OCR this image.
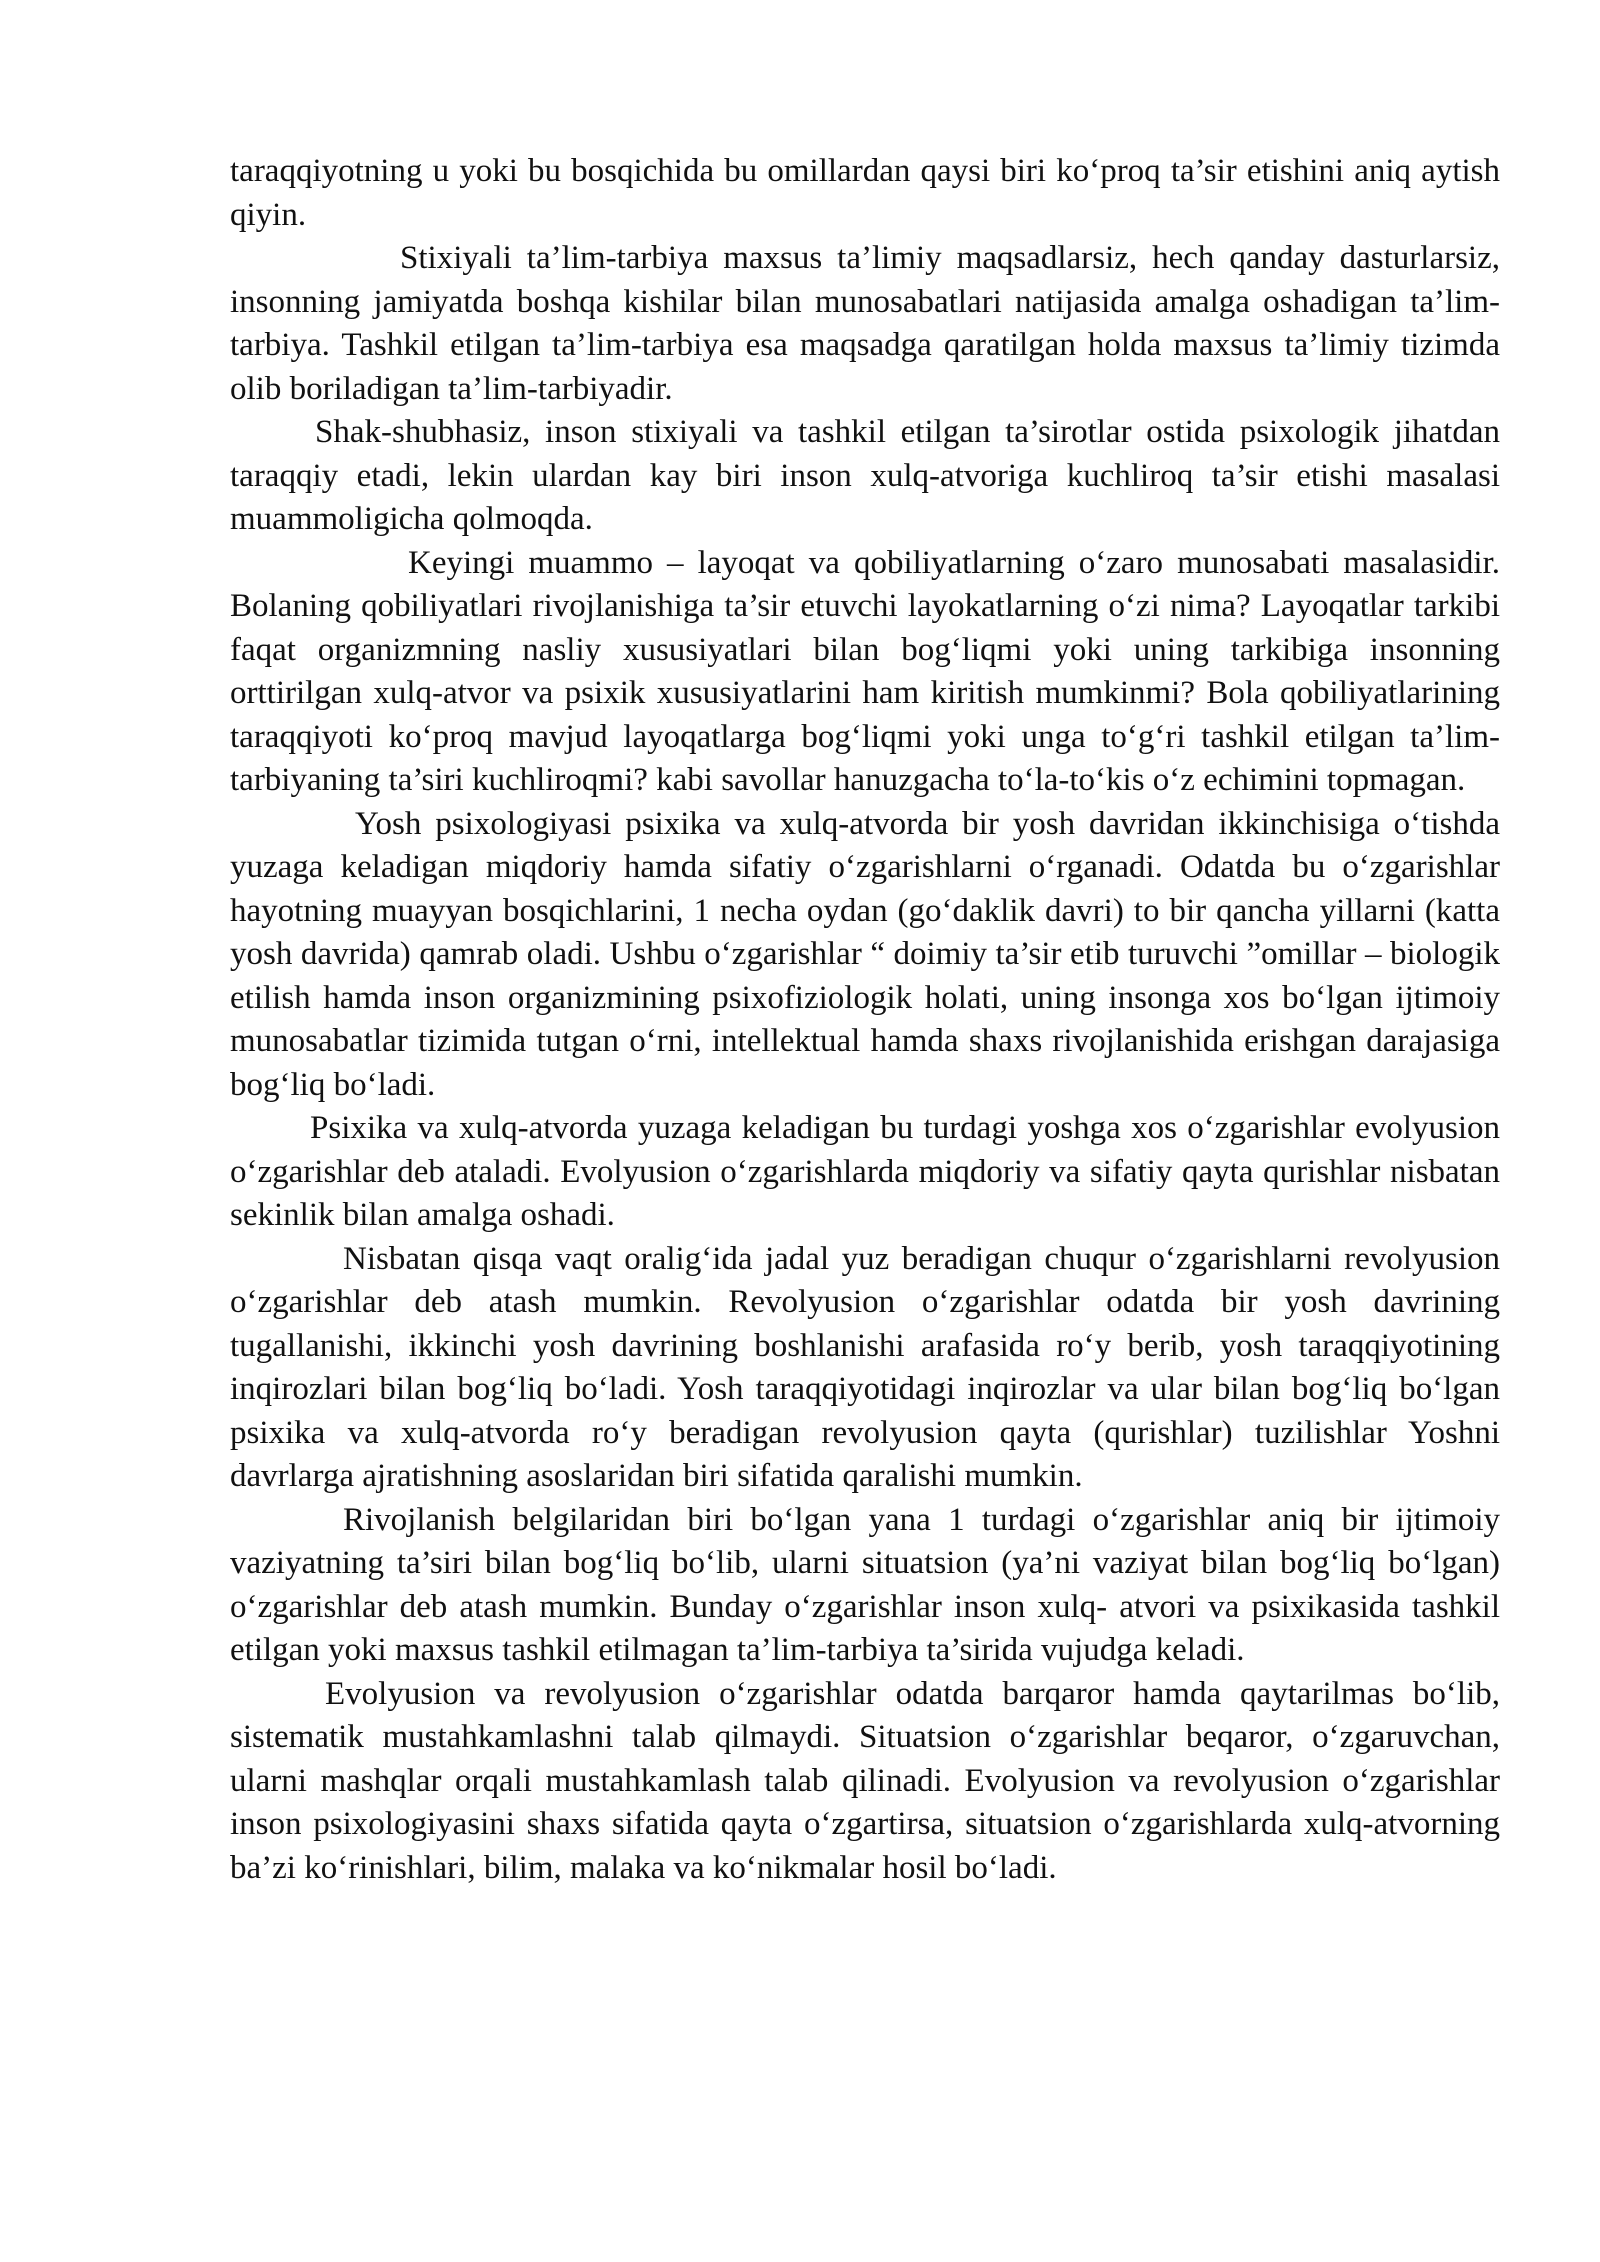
taraqqiyotning u yoki bu bosqichida bu omillardan qaysi biri ko‘proq ta’sir etishini aniq aytish qiyin.

Stixiyali ta’lim-tarbiya maxsus ta’limiy maqsadlarsiz, hech qanday dasturlarsiz, insonning jamiyatda boshqa kishilar bilan munosabatlari natijasida amalga oshadigan ta’lim-tarbiya. Tashkil etilgan ta’lim-tarbiya esa maqsadga qaratilgan holda maxsus ta’limiy tizimda olib boriladigan ta’lim-tarbiyadir.

Shak-shubhasiz, inson stixiyali va tashkil etilgan ta’sirotlar ostida psixologik jihatdan taraqqiy etadi, lekin ulardan kay biri inson xulq-atvoriga kuchliroq ta’sir etishi masalasi muammoligicha qolmoqda.

Keyingi muammo – layoqat va qobiliyatlarning o‘zaro munosabati masalasidir. Bolaning qobiliyatlari rivojlanishiga ta’sir etuvchi layokatlarning o‘zi nima? Layoqatlar tarkibi faqat organizmning nasliy xususiyatlari bilan bog‘liqmi yoki uning tarkibiga insonning orttirilgan xulq-atvor va psixik xususiyatlarini ham kiritish mumkinmi? Bola qobiliyatlarining taraqqiyoti ko‘proq mavjud layoqatlarga bog‘liqmi yoki unga to‘g‘ri tashkil etilgan ta’lim-tarbiyaning ta’siri kuchliroqmi? kabi savollar hanuzgacha to‘la-to‘kis o‘z echimini topmagan.

Yosh psixologiyasi psixika va xulq-atvorda bir yosh davridan ikkinchisiga o‘tishda yuzaga keladigan miqdoriy hamda sifatiy o‘zgarishlarni o‘rganadi. Odatda bu o‘zgarishlar hayotning muayyan bosqichlarini, 1 necha oydan (go‘daklik davri) to bir qancha yillarni (katta yosh davrida) qamrab oladi. Ushbu o‘zgarishlar “ doimiy ta’sir etib turuvchi ”omillar – biologik etilish hamda inson organizmining psixofiziologik holati, uning insonga xos bo‘lgan ijtimoiy munosabatlar tizimida tutgan o‘rni, intellektual hamda shaxs rivojlanishida erishgan darajasiga bog‘liq bo‘ladi.

Psixika va xulq-atvorda yuzaga keladigan bu turdagi yoshga xos o‘zgarishlar evolyusion o‘zgarishlar deb ataladi. Evolyusion o‘zgarishlarda miqdoriy va sifatiy qayta qurishlar nisbatan sekinlik bilan amalga oshadi.

Nisbatan qisqa vaqt oralig‘ida jadal yuz beradigan chuqur o‘zgarishlarni revolyusion o‘zgarishlar deb atash mumkin. Revolyusion o‘zgarishlar odatda bir yosh davrining tugallanishi, ikkinchi yosh davrining boshlanishi arafasida ro‘y berib, yosh taraqqiyotining inqirozlari bilan bog‘liq bo‘ladi. Yosh taraqqiyotidagi inqirozlar va ular bilan bog‘liq bo‘lgan psixika va xulq-atvorda ro‘y beradigan revolyusion qayta (qurishlar) tuzilishlar Yoshni davrlarga ajratishning asoslaridan biri sifatida qaralishi mumkin.

Rivojlanish belgilaridan biri bo‘lgan yana 1 turdagi o‘zgarishlar aniq bir ijtimoiy vaziyatning ta’siri bilan bog‘liq bo‘lib, ularni situatsion (ya’ni vaziyat bilan bog‘liq bo‘lgan) o‘zgarishlar deb atash mumkin. Bunday o‘zgarishlar inson xulq- atvori va psixikasida tashkil etilgan yoki maxsus tashkil etilmagan ta’lim-tarbiya ta’sirida vujudga keladi.

Evolyusion va revolyusion o‘zgarishlar odatda barqaror hamda qaytarilmas bo‘lib, sistematik mustahkamlashni talab qilmaydi. Situatsion o‘zgarishlar beqaror, o‘zgaruvchan, ularni mashqlar orqali mustahkamlash talab qilinadi. Evolyusion va revolyusion o‘zgarishlar inson psixologiyasini shaxs sifatida qayta o‘zgartirsa, situatsion o‘zgarishlarda xulq-atvorning ba’zi ko‘rinishlari, bilim, malaka va ko‘nikmalar hosil bo‘ladi.
